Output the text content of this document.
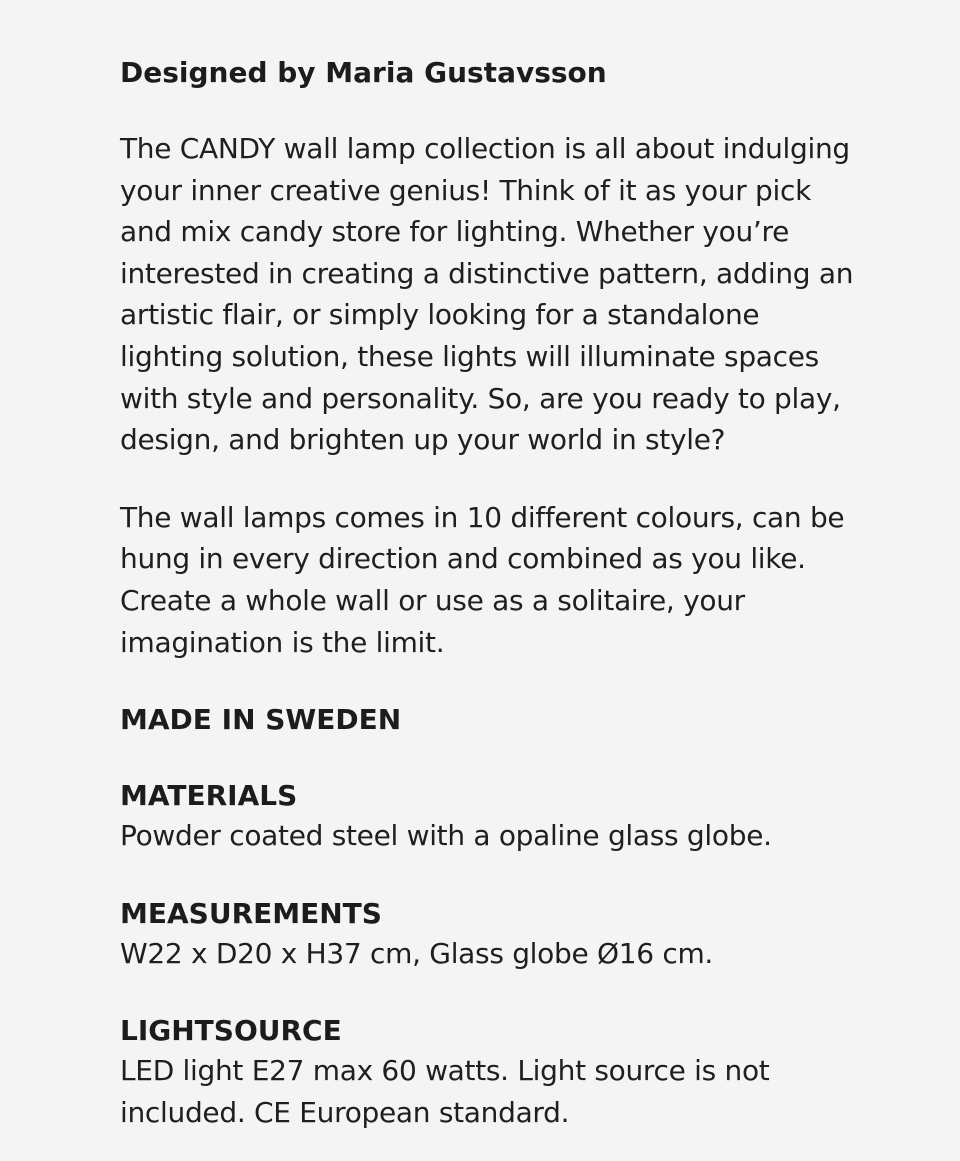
Designed by Maria Gustavsson

The CANDY wall lamp collection is all about indulging your inner creative genius! Think of it as your pick and mix candy store for lighting. Whether you’re interested in creating a distinctive pattern, adding an artistic flair, or simply looking for a standalone lighting solution, these lights will illuminate spaces with style and personality. So, are you ready to play, design, and brighten up your world in style?

The wall lamps comes in 10 different colours, can be hung in every direction and combined as you like. Create a whole wall or use as a solitaire, your imagination is the limit.

MADE IN SWEDEN
MATERIALS

Powder coated steel with a opaline glass globe.

MEASUREMENTS

W22 x D20 x H37 cm, Glass globe Ø16 cm.

LIGHTSOURCE

LED light E27 max 60 watts. Light source is not included. CE European standard.
